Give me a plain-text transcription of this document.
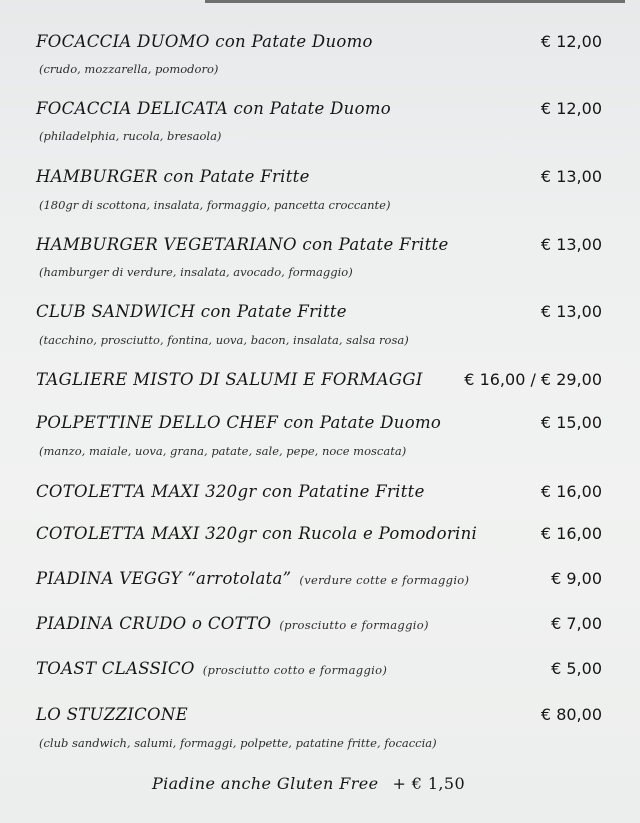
FOCACCIA DUOMO con Patate Duomo	€ 12,00
(crudo, mozzarella, pomodoro)
FOCACCIA DELICATA con Patate Duomo	€ 12,00
(philadelphia, rucola, bresaola)
HAMBURGER con Patate Fritte	€ 13,00
(180gr di scottona, insalata, formaggio, pancetta croccante)
HAMBURGER VEGETARIANO con Patate Fritte	€ 13,00
(hamburger di verdure, insalata, avocado, formaggio)
CLUB SANDWICH con Patate Fritte	€ 13,00
(tacchino, prosciutto, fontina, uova, bacon, insalata, salsa rosa)
TAGLIERE MISTO DI SALUMI E FORMAGGI	€ 16,00 / € 29,00
POLPETTINE DELLO CHEF con Patate Duomo	€ 15,00
(manzo, maiale, uova, grana, patate, sale, pepe, noce moscata)
COTOLETTA MAXI 320gr con Patatine Fritte	€ 16,00
COTOLETTA MAXI 320gr con Rucola e Pomodorini	€ 16,00
PIADINA VEGGY “arrotolata” (verdure cotte e formaggio)	€ 9,00
PIADINA CRUDO o COTTO (prosciutto e formaggio)	€ 7,00
TOAST CLASSICO (prosciutto cotto e formaggio)	€ 5,00
LO STUZZICONE	€ 80,00
(club sandwich, salumi, formaggi, polpette, patatine fritte, focaccia)
Piadine anche Gluten Free + € 1,50
